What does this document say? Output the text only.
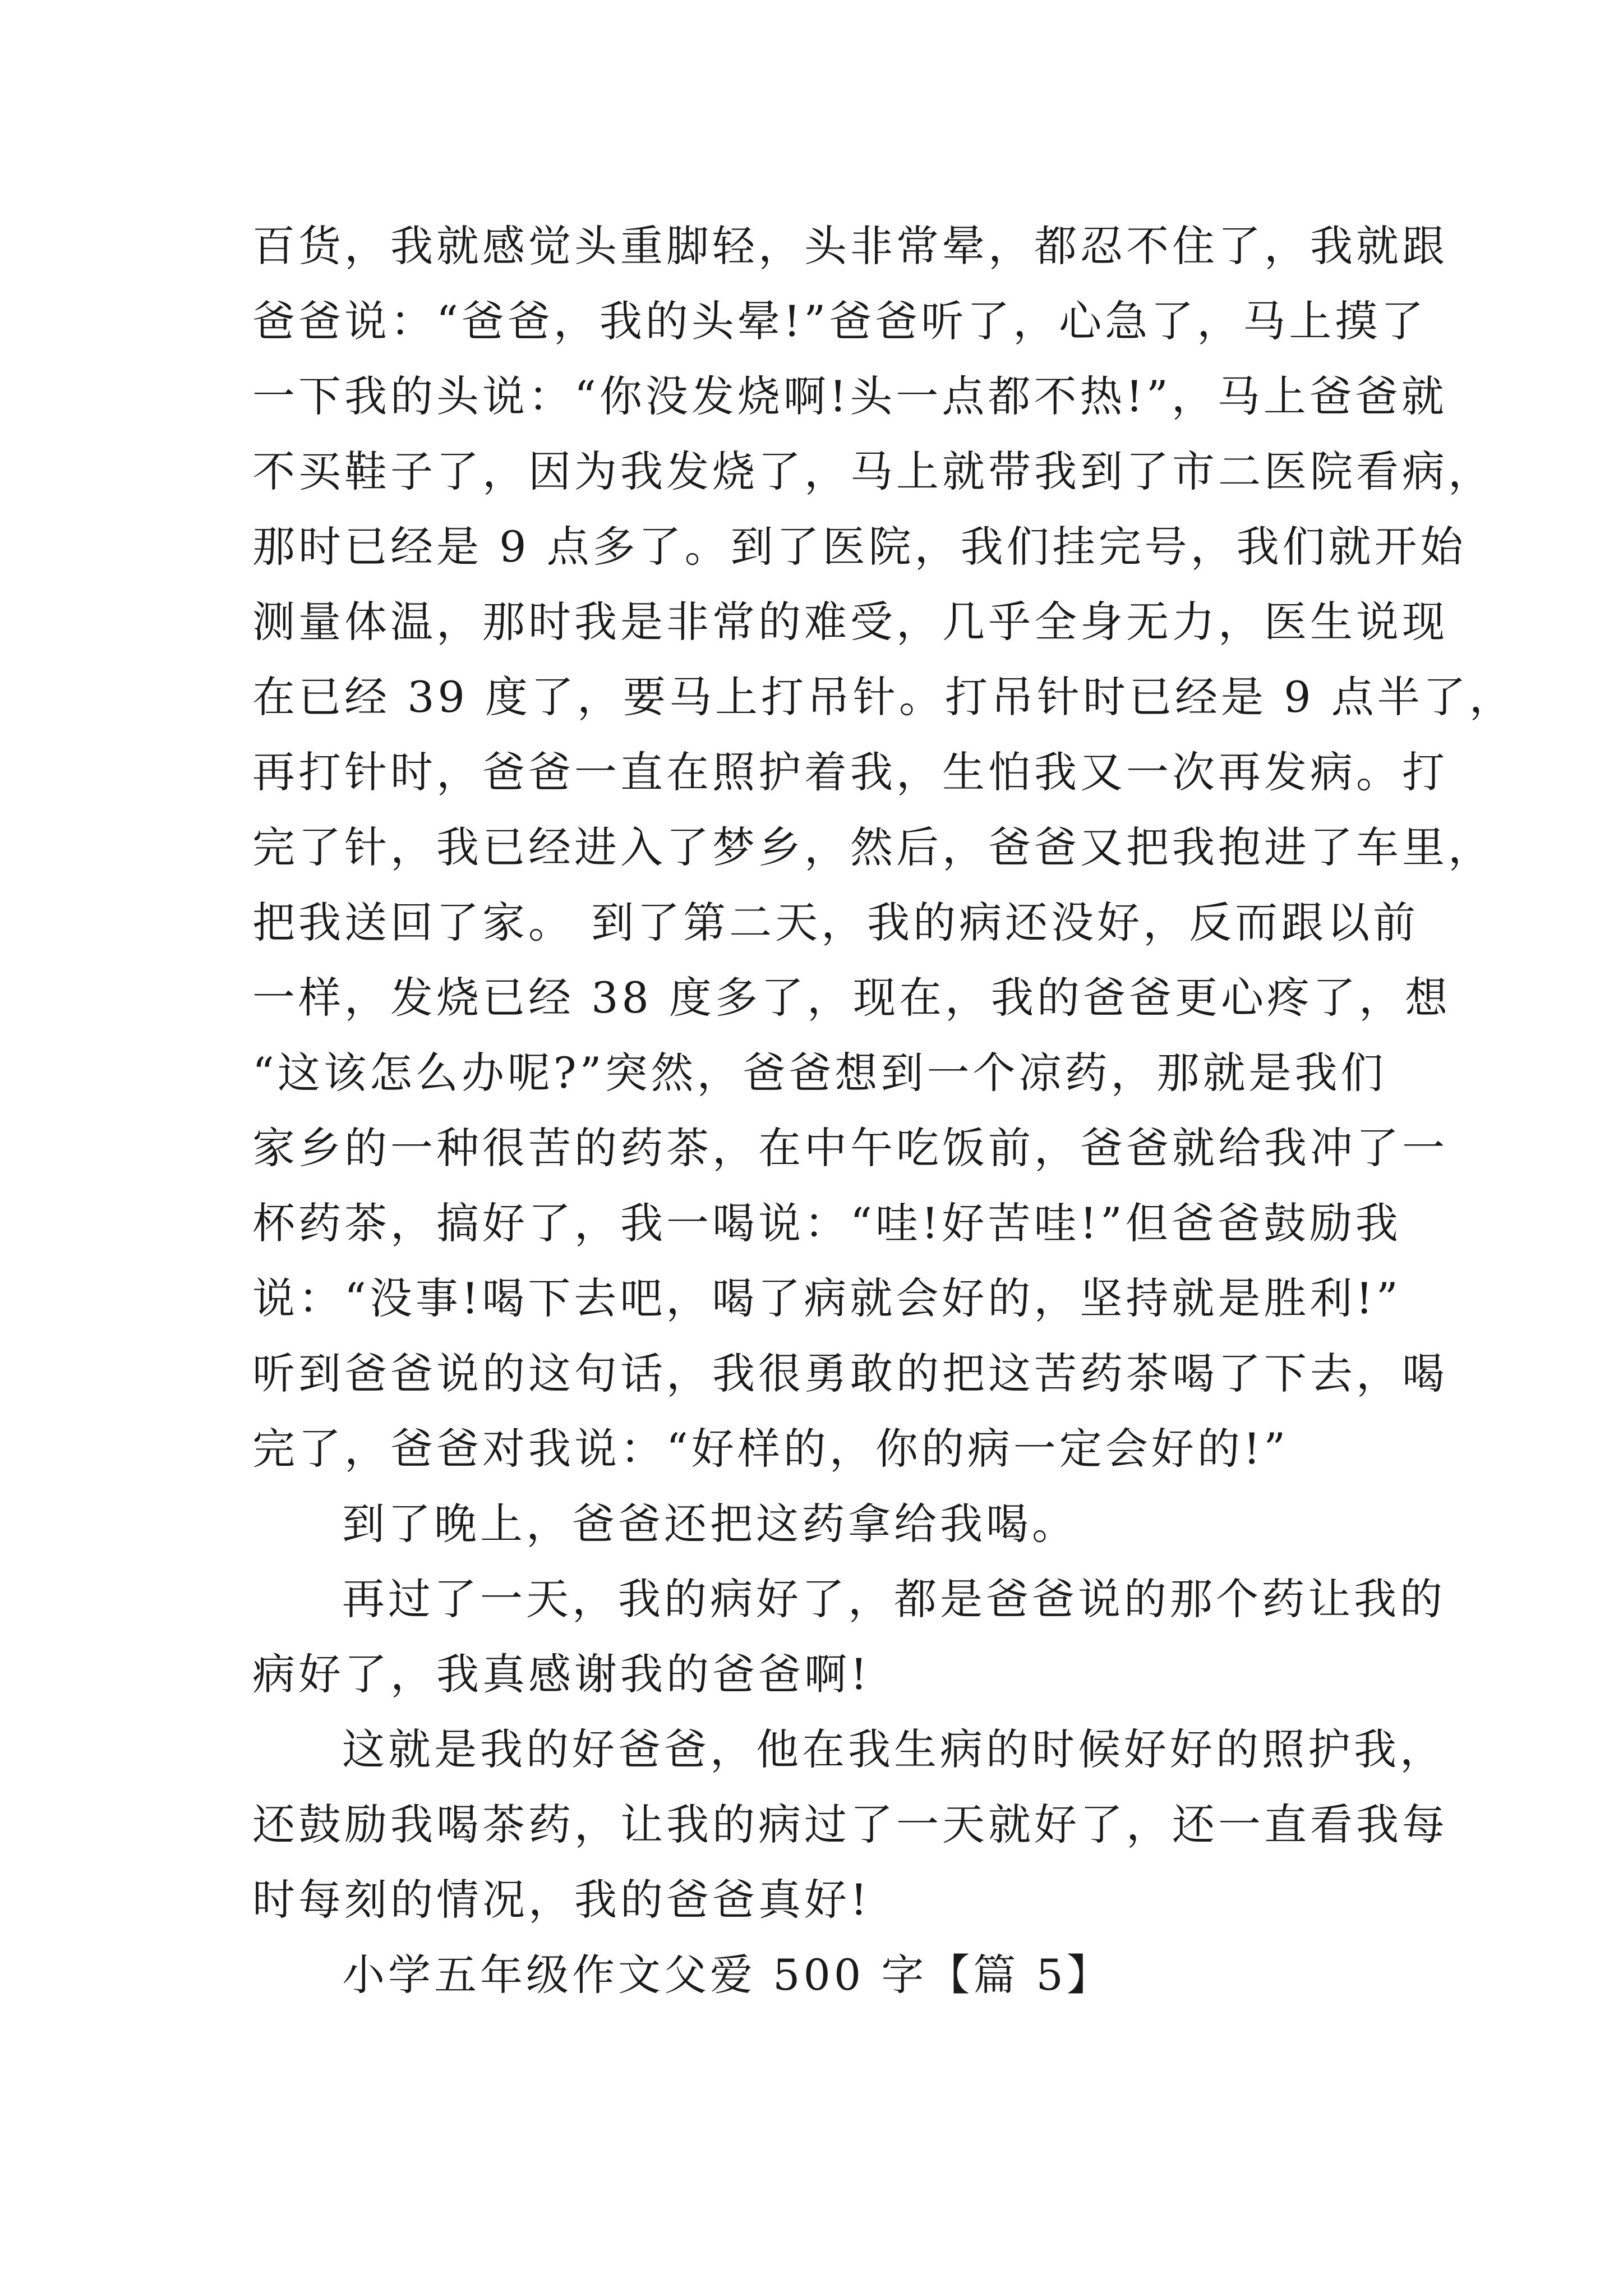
百货，我就感觉头重脚轻，头非常晕，都忍不住了，我就跟
爸爸说：“爸爸，我的头晕!”爸爸听了，心急了，马上摸了
一下我的头说：“你没发烧啊!头一点都不热!”，马上爸爸就
不买鞋子了，因为我发烧了，马上就带我到了市二医院看病，
那时已经是 9 点多了。到了医院，我们挂完号，我们就开始
测量体温，那时我是非常的难受，几乎全身无力，医生说现
在已经 39 度了，要马上打吊针。打吊针时已经是 9 点半了，
再打针时，爸爸一直在照护着我，生怕我又一次再发病。打
完了针，我已经进入了梦乡，然后，爸爸又把我抱进了车里，
把我送回了家。 到了第二天，我的病还没好，反而跟以前
一样，发烧已经 38 度多了，现在，我的爸爸更心疼了，想
“这该怎么办呢?”突然，爸爸想到一个凉药，那就是我们
家乡的一种很苦的药茶，在中午吃饭前，爸爸就给我冲了一
杯药茶，搞好了，我一喝说：“哇!好苦哇!”但爸爸鼓励我
说：“没事!喝下去吧，喝了病就会好的，坚持就是胜利!”
听到爸爸说的这句话，我很勇敢的把这苦药茶喝了下去，喝
完了，爸爸对我说：“好样的，你的病一定会好的!”
到了晚上，爸爸还把这药拿给我喝。
再过了一天，我的病好了，都是爸爸说的那个药让我的
病好了，我真感谢我的爸爸啊!
这就是我的好爸爸，他在我生病的时候好好的照护我，
还鼓励我喝茶药，让我的病过了一天就好了，还一直看我每
时每刻的情况，我的爸爸真好!
小学五年级作文父爱 500 字【篇 5】
